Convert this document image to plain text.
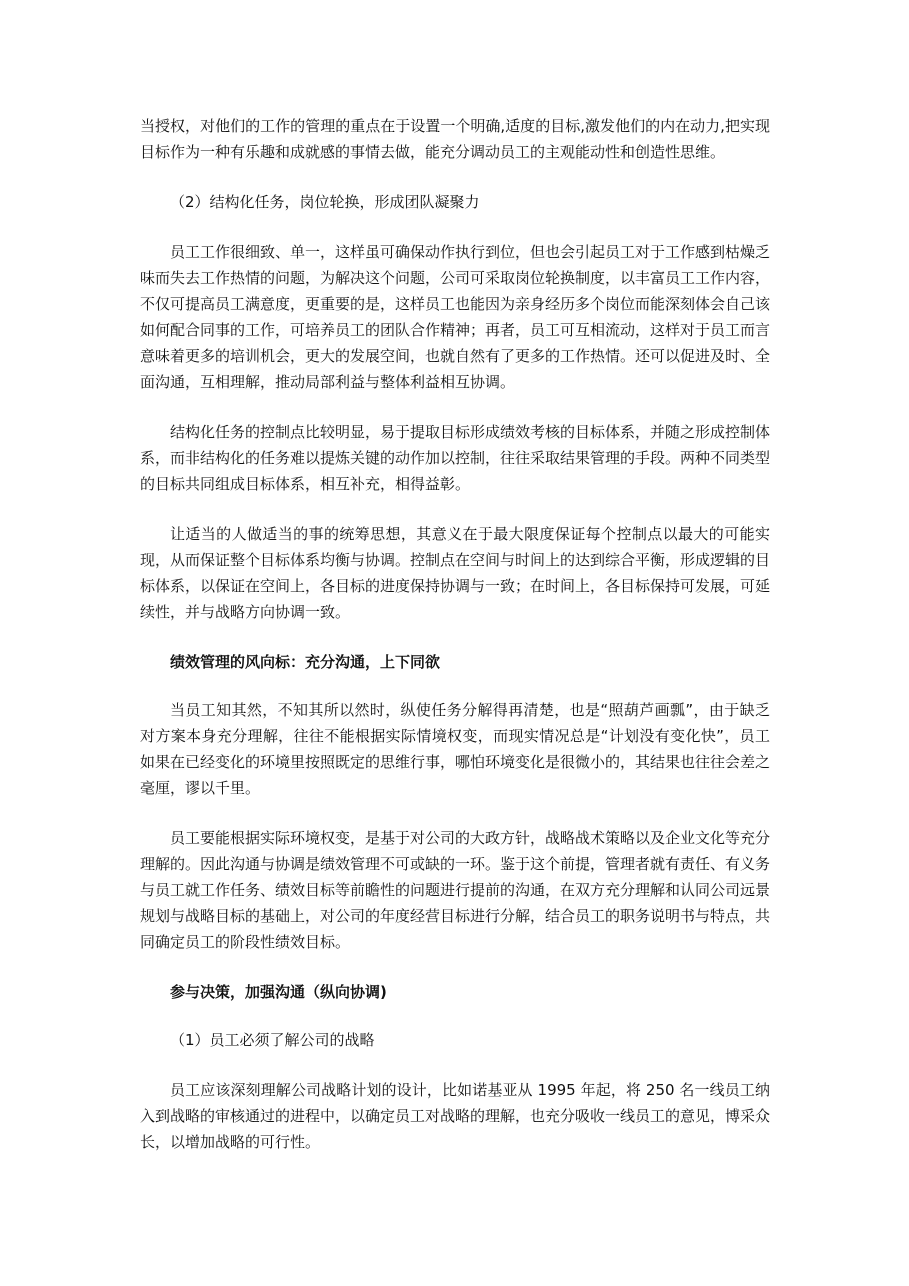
当授权，对他们的工作的管理的重点在于设置一个明确,适度的目标,激发他们的内在动力,把实现目标作为一种有乐趣和成就感的事情去做，能充分调动员工的主观能动性和创造性思维。

（2）结构化任务，岗位轮换，形成团队凝聚力

员工工作很细致、单一，这样虽可确保动作执行到位，但也会引起员工对于工作感到枯燥乏味而失去工作热情的问题，为解决这个问题，公司可采取岗位轮换制度，以丰富员工工作内容，不仅可提高员工满意度，更重要的是，这样员工也能因为亲身经历多个岗位而能深刻体会自己该如何配合同事的工作，可培养员工的团队合作精神；再者，员工可互相流动，这样对于员工而言意味着更多的培训机会，更大的发展空间，也就自然有了更多的工作热情。还可以促进及时、全面沟通，互相理解，推动局部利益与整体利益相互协调。

结构化任务的控制点比较明显，易于提取目标形成绩效考核的目标体系，并随之形成控制体系，而非结构化的任务难以提炼关键的动作加以控制，往往采取结果管理的手段。两种不同类型的目标共同组成目标体系，相互补充，相得益彰。

让适当的人做适当的事的统筹思想，其意义在于最大限度保证每个控制点以最大的可能实现，从而保证整个目标体系均衡与协调。控制点在空间与时间上的达到综合平衡，形成逻辑的目标体系，以保证在空间上，各目标的进度保持协调与一致；在时间上，各目标保持可发展，可延续性，并与战略方向协调一致。

绩效管理的风向标：充分沟通，上下同欲

当员工知其然，不知其所以然时，纵使任务分解得再清楚，也是“照葫芦画瓢”，由于缺乏对方案本身充分理解，往往不能根据实际情境权变，而现实情况总是“计划没有变化快”，员工如果在已经变化的环境里按照既定的思维行事，哪怕环境变化是很微小的，其结果也往往会差之毫厘，谬以千里。

员工要能根据实际环境权变，是基于对公司的大政方针，战略战术策略以及企业文化等充分理解的。因此沟通与协调是绩效管理不可或缺的一环。鉴于这个前提，管理者就有责任、有义务与员工就工作任务、绩效目标等前瞻性的问题进行提前的沟通，在双方充分理解和认同公司远景规划与战略目标的基础上，对公司的年度经营目标进行分解，结合员工的职务说明书与特点，共同确定员工的阶段性绩效目标。

参与决策，加强沟通（纵向协调)

（1）员工必须了解公司的战略

员工应该深刻理解公司战略计划的设计，比如诺基亚从 1995 年起，将 250 名一线员工纳入到战略的审核通过的进程中，以确定员工对战略的理解，也充分吸收一线员工的意见，博采众长，以增加战略的可行性。
